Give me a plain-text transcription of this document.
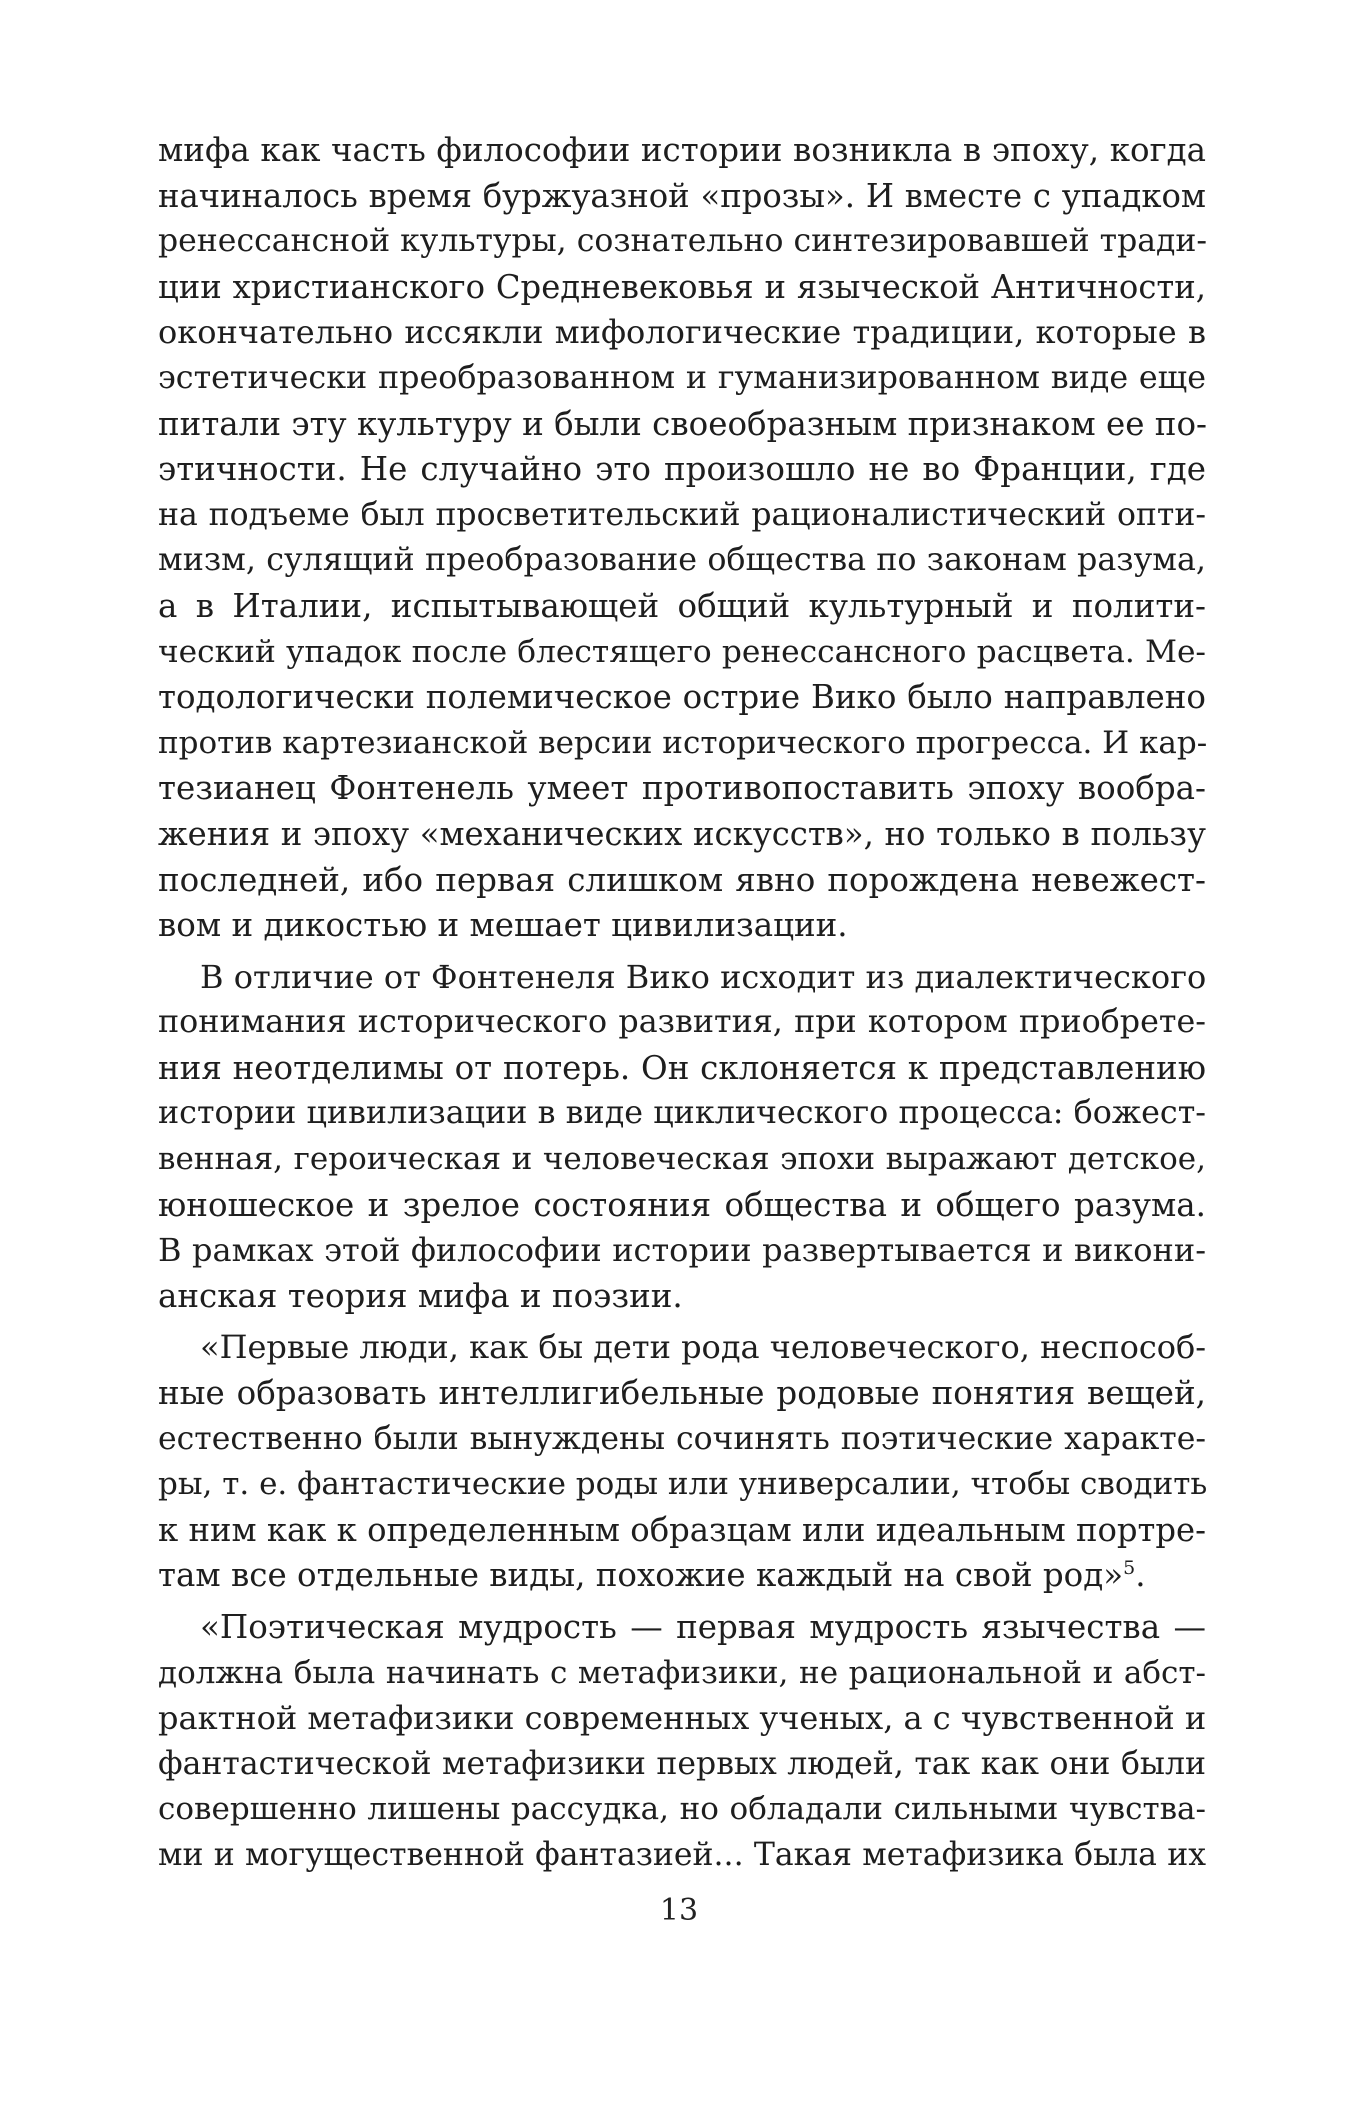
мифа как часть философии истории возникла в эпоху, когда
начиналось время буржуазной «прозы». И вместе с упадком
ренессансной культуры, сознательно синтезировавшей тради-
ции христианского Средневековья и языческой Античности,
окончательно иссякли мифологические традиции, которые в
эстетически преобразованном и гуманизированном виде еще
питали эту культуру и были своеобразным признаком ее по-
этичности. Не случайно это произошло не во Франции, где
на подъеме был просветительский рационалистический опти-
мизм, сулящий преобразование общества по законам разума,
а в Италии, испытывающей общий культурный и полити-
ческий упадок после блестящего ренессансного расцвета. Ме-
тодологически полемическое острие Вико было направлено
против картезианской версии исторического прогресса. И кар-
тезианец Фонтенель умеет противопоставить эпоху вообра-
жения и эпоху «механических искусств», но только в пользу
последней, ибо первая слишком явно порождена невежест-
вом и дикостью и мешает цивилизации.
В отличие от Фонтенеля Вико исходит из диалектического
понимания исторического развития, при котором приобрете-
ния неотделимы от потерь. Он склоняется к представлению
истории цивилизации в виде циклического процесса: божест-
венная, героическая и человеческая эпохи выражают детское,
юношеское и зрелое состояния общества и общего разума.
В рамках этой философии истории развертывается и викони-
анская теория мифа и поэзии.
«Первые люди, как бы дети рода человеческого, неспособ-
ные образовать интеллигибельные родовые понятия вещей,
естественно были вынуждены сочинять поэтические характе-
ры, т. е. фантастические роды или универсалии, чтобы сводить
к ним как к определенным образцам или идеальным портре-
там все отдельные виды, похожие каждый на свой род»$^5$.
«Поэтическая мудрость — первая мудрость язычества —
должна была начинать с метафизики, не рациональной и абст-
рактной метафизики современных ученых, а с чувственной и
фантастической метафизики первых людей, так как они были
совершенно лишены рассудка, но обладали сильными чувства-
ми и могущественной фантазией... Такая метафизика была их
13
